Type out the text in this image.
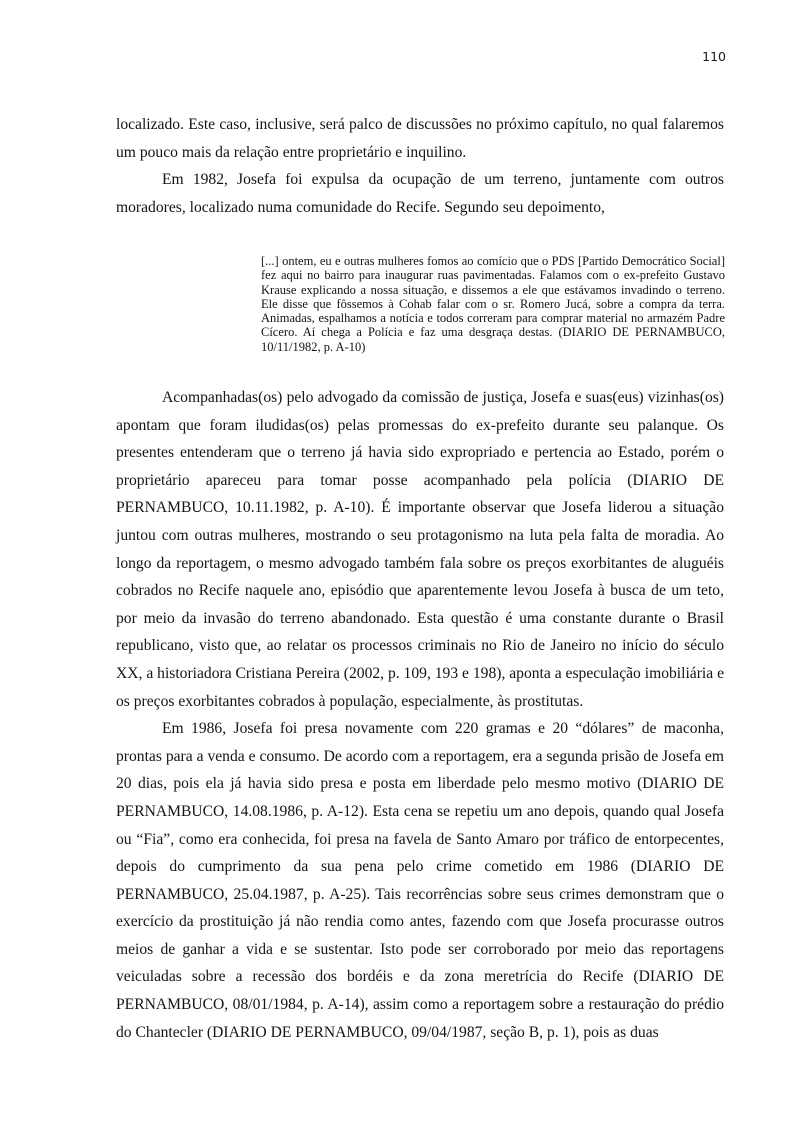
110

localizado. Este caso, inclusive, será palco de discussões no próximo capítulo, no qual falaremos um pouco mais da relação entre proprietário e inquilino.

Em 1982, Josefa foi expulsa da ocupação de um terreno, juntamente com outros moradores, localizado numa comunidade do Recife. Segundo seu depoimento,

[...] ontem, eu e outras mulheres fomos ao comício que o PDS [Partido Democrático Social] fez aqui no bairro para inaugurar ruas pavimentadas. Falamos com o ex-prefeito Gustavo Krause explicando a nossa situação, e dissemos a ele que estávamos invadindo o terreno. Ele disse que fôssemos à Cohab falar com o sr. Romero Jucá, sobre a compra da terra. Animadas, espalhamos a notícia e todos correram para comprar material no armazém Padre Cícero. Aí chega a Polícia e faz uma desgraça destas. (DIARIO DE PERNAMBUCO, 10/11/1982, p. A-10)

Acompanhadas(os) pelo advogado da comissão de justiça, Josefa e suas(eus) vizinhas(os) apontam que foram iludidas(os) pelas promessas do ex-prefeito durante seu palanque. Os presentes entenderam que o terreno já havia sido expropriado e pertencia ao Estado, porém o proprietário apareceu para tomar posse acompanhado pela polícia (DIARIO DE PERNAMBUCO, 10.11.1982, p. A-10). É importante observar que Josefa liderou a situação juntou com outras mulheres, mostrando o seu protagonismo na luta pela falta de moradia. Ao longo da reportagem, o mesmo advogado também fala sobre os preços exorbitantes de aluguéis cobrados no Recife naquele ano, episódio que aparentemente levou Josefa à busca de um teto, por meio da invasão do terreno abandonado. Esta questão é uma constante durante o Brasil republicano, visto que, ao relatar os processos criminais no Rio de Janeiro no início do século XX, a historiadora Cristiana Pereira (2002, p. 109, 193 e 198), aponta a especulação imobiliária e os preços exorbitantes cobrados à população, especialmente, às prostitutas.

Em 1986, Josefa foi presa novamente com 220 gramas e 20 “dólares” de maconha, prontas para a venda e consumo. De acordo com a reportagem, era a segunda prisão de Josefa em 20 dias, pois ela já havia sido presa e posta em liberdade pelo mesmo motivo (DIARIO DE PERNAMBUCO, 14.08.1986, p. A-12). Esta cena se repetiu um ano depois, quando qual Josefa ou “Fia”, como era conhecida, foi presa na favela de Santo Amaro por tráfico de entorpecentes, depois do cumprimento da sua pena pelo crime cometido em 1986 (DIARIO DE PERNAMBUCO, 25.04.1987, p. A-25). Tais recorrências sobre seus crimes demonstram que o exercício da prostituição já não rendia como antes, fazendo com que Josefa procurasse outros meios de ganhar a vida e se sustentar. Isto pode ser corroborado por meio das reportagens veiculadas sobre a recessão dos bordéis e da zona meretrícia do Recife (DIARIO DE PERNAMBUCO, 08/01/1984, p. A-14), assim como a reportagem sobre a restauração do prédio do Chantecler (DIARIO DE PERNAMBUCO, 09/04/1987, seção B, p. 1), pois as duas
